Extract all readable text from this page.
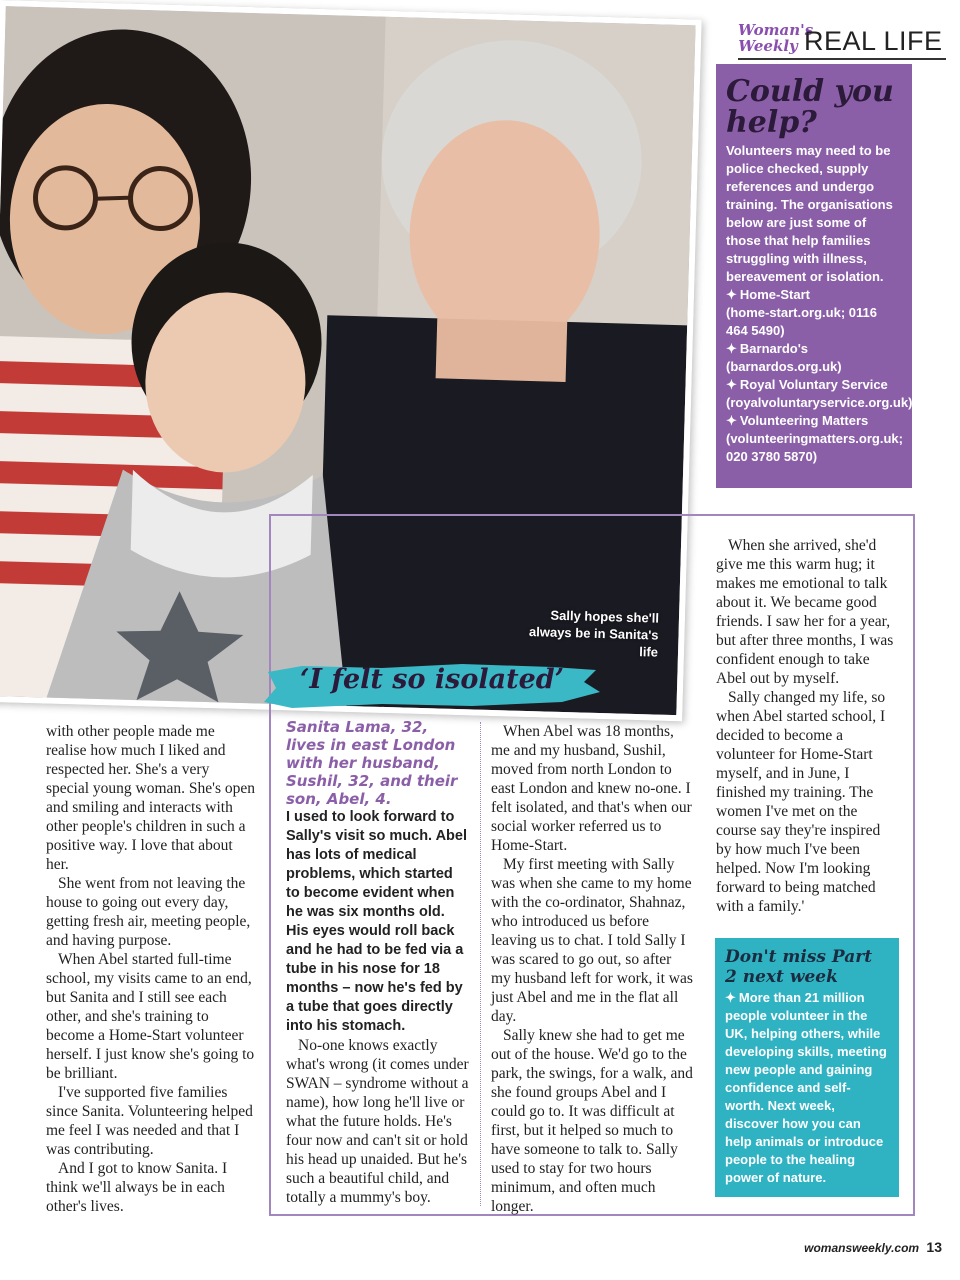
Sally hopes she'll always be in Sanita's life
Woman's
Weekly REAL LIFE
Could you help?
Volunteers may need to be police checked, supply references and undergo training. The organisations below are just some of those that help families struggling with illness, bereavement or isolation.
✦ Home-Start
(home-start.org.uk; 0116 464 5490)
✦ Barnardo's
(barnardos.org.uk)
✦ Royal Voluntary Service
(royalvoluntaryservice.org.uk)
✦ Volunteering Matters
(volunteeringmatters.org.uk; 020 3780 5870)
‘I felt so isolated’

with other people made me realise how much I liked and respected her. She's a very special young woman. She's open and smiling and interacts with other people's children in such a positive way. I love that about her.

She went from not leaving the house to going out every day, getting fresh air, meeting people, and having purpose.

When Abel started full-time school, my visits came to an end, but Sanita and I still see each other, and she's training to become a Home-Start volunteer herself. I just know she's going to be brilliant.

I've supported five families since Sanita. Volunteering helped me feel I was needed and that I was contributing.

And I got to know Sanita. I think we'll always be in each other's lives.

Sanita Lama, 32, lives in east London with her husband, Sushil, 32, and their son, Abel, 4.

I used to look forward to Sally's visit so much. Abel has lots of medical problems, which started to become evident when he was six months old. His eyes would roll back and he had to be fed via a tube in his nose for 18 months – now he's fed by a tube that goes directly into his stomach.

No-one knows exactly what's wrong (it comes under SWAN – syndrome without a name), how long he'll live or what the future holds. He's four now and can't sit or hold his head up unaided. But he's such a beautiful child, and totally a mummy's boy.

When Abel was 18 months, me and my husband, Sushil, moved from north London to east London and knew no-one. I felt isolated, and that's when our social worker referred us to Home-Start.

My first meeting with Sally was when she came to my home with the co-ordinator, Shahnaz, who introduced us before leaving us to chat. I told Sally I was scared to go out, so after my husband left for work, it was just Abel and me in the flat all day.

Sally knew she had to get me out of the house. We'd go to the park, the swings, for a walk, and she found groups Abel and I could go to. It was difficult at first, but it helped so much to have someone to talk to. Sally used to stay for two hours minimum, and often much longer.

When she arrived, she'd give me this warm hug; it makes me emotional to talk about it. We became good friends. I saw her for a year, but after three months, I was confident enough to take Abel out by myself.

Sally changed my life, so when Abel started school, I decided to become a volunteer for Home-Start myself, and in June, I finished my training. The women I've met on the course say they're inspired by how much I've been helped. Now I'm looking forward to being matched with a family.'

Don't miss Part 2 next week
✦ More than 21 million people volunteer in the UK, helping others, while developing skills, meeting new people and gaining confidence and self-worth. Next week, discover how you can help animals or introduce people to the healing power of nature.
womansweekly.com 13
